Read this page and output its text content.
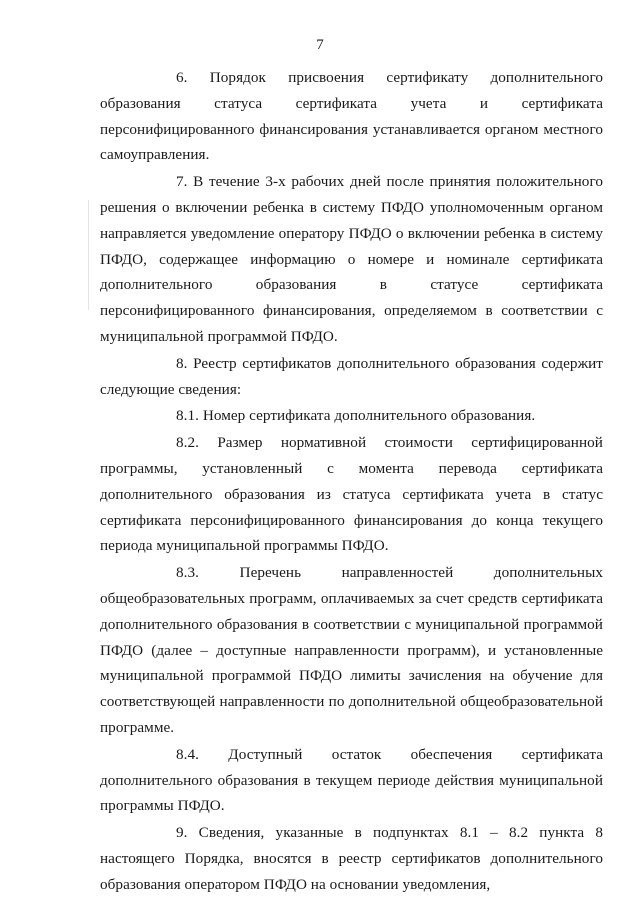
7

6. Порядок присвоения сертификату дополнительного образования статуса сертификата учета и сертификата персонифицированного финансирования устанавливается органом местного самоуправления.

7. В течение 3-х рабочих дней после принятия положительного решения о включении ребенка в систему ПФДО уполномоченным органом направляется уведомление оператору ПФДО о включении ребенка в систему ПФДО, содержащее информацию о номере и номинале сертификата дополнительного образования в статусе сертификата персонифицированного финансирования, определяемом в соответствии с муниципальной программой ПФДО.

8. Реестр сертификатов дополнительного образования содержит следующие сведения:

8.1. Номер сертификата дополнительного образования.

8.2. Размер нормативной стоимости сертифицированной программы, установленный с момента перевода сертификата дополнительного образования из статуса сертификата учета в статус сертификата персонифицированного финансирования до конца текущего периода муниципальной программы ПФДО.

8.3.	Перечень направленностей дополнительных общеобразовательных программ, оплачиваемых за счет средств сертификата дополнительного образования в соответствии с муниципальной программой ПФДО (далее – доступные направленности программ), и установленные муниципальной программой ПФДО лимиты зачисления на обучение для соответствующей направленности по дополнительной общеобразовательной программе.

8.4. Доступный остаток обеспечения сертификата дополнительного образования в текущем периоде действия муниципальной программы ПФДО.

9. Сведения, указанные в подпунктах 8.1 – 8.2 пункта 8 настоящего Порядка, вносятся в реестр сертификатов дополнительного образования оператором ПФДО на основании уведомления,
